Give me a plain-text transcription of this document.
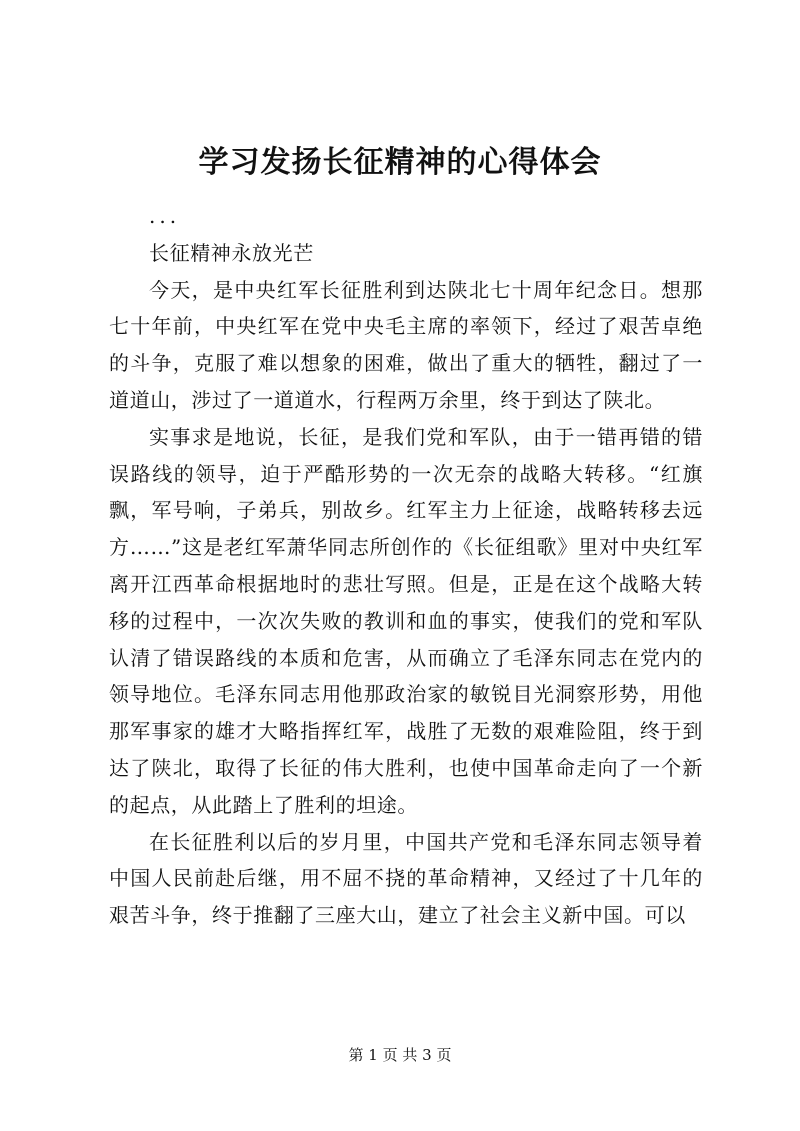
学习发扬长征精神的心得体会

...

长征精神永放光芒

今天，是中央红军长征胜利到达陕北七十周年纪念日。想那七十年前，中央红军在党中央毛主席的率领下，经过了艰苦卓绝的斗争，克服了难以想象的困难，做出了重大的牺牲，翻过了一道道山，涉过了一道道水，行程两万余里，终于到达了陕北。

实事求是地说，长征，是我们党和军队，由于一错再错的错误路线的领导，迫于严酷形势的一次无奈的战略大转移。“红旗飘，军号响，子弟兵，别故乡。红军主力上征途，战略转移去远方……”这是老红军萧华同志所创作的《长征组歌》里对中央红军离开江西革命根据地时的悲壮写照。但是，正是在这个战略大转移的过程中，一次次失败的教训和血的事实，使我们的党和军队认清了错误路线的本质和危害，从而确立了毛泽东同志在党内的领导地位。毛泽东同志用他那政治家的敏锐目光洞察形势，用他那军事家的雄才大略指挥红军，战胜了无数的艰难险阻，终于到达了陕北，取得了长征的伟大胜利，也使中国革命走向了一个新的起点，从此踏上了胜利的坦途。

在长征胜利以后的岁月里，中国共产党和毛泽东同志领导着中国人民前赴后继，用不屈不挠的革命精神，又经过了十几年的艰苦斗争，终于推翻了三座大山，建立了社会主义新中国。可以

第 1 页 共 3 页
